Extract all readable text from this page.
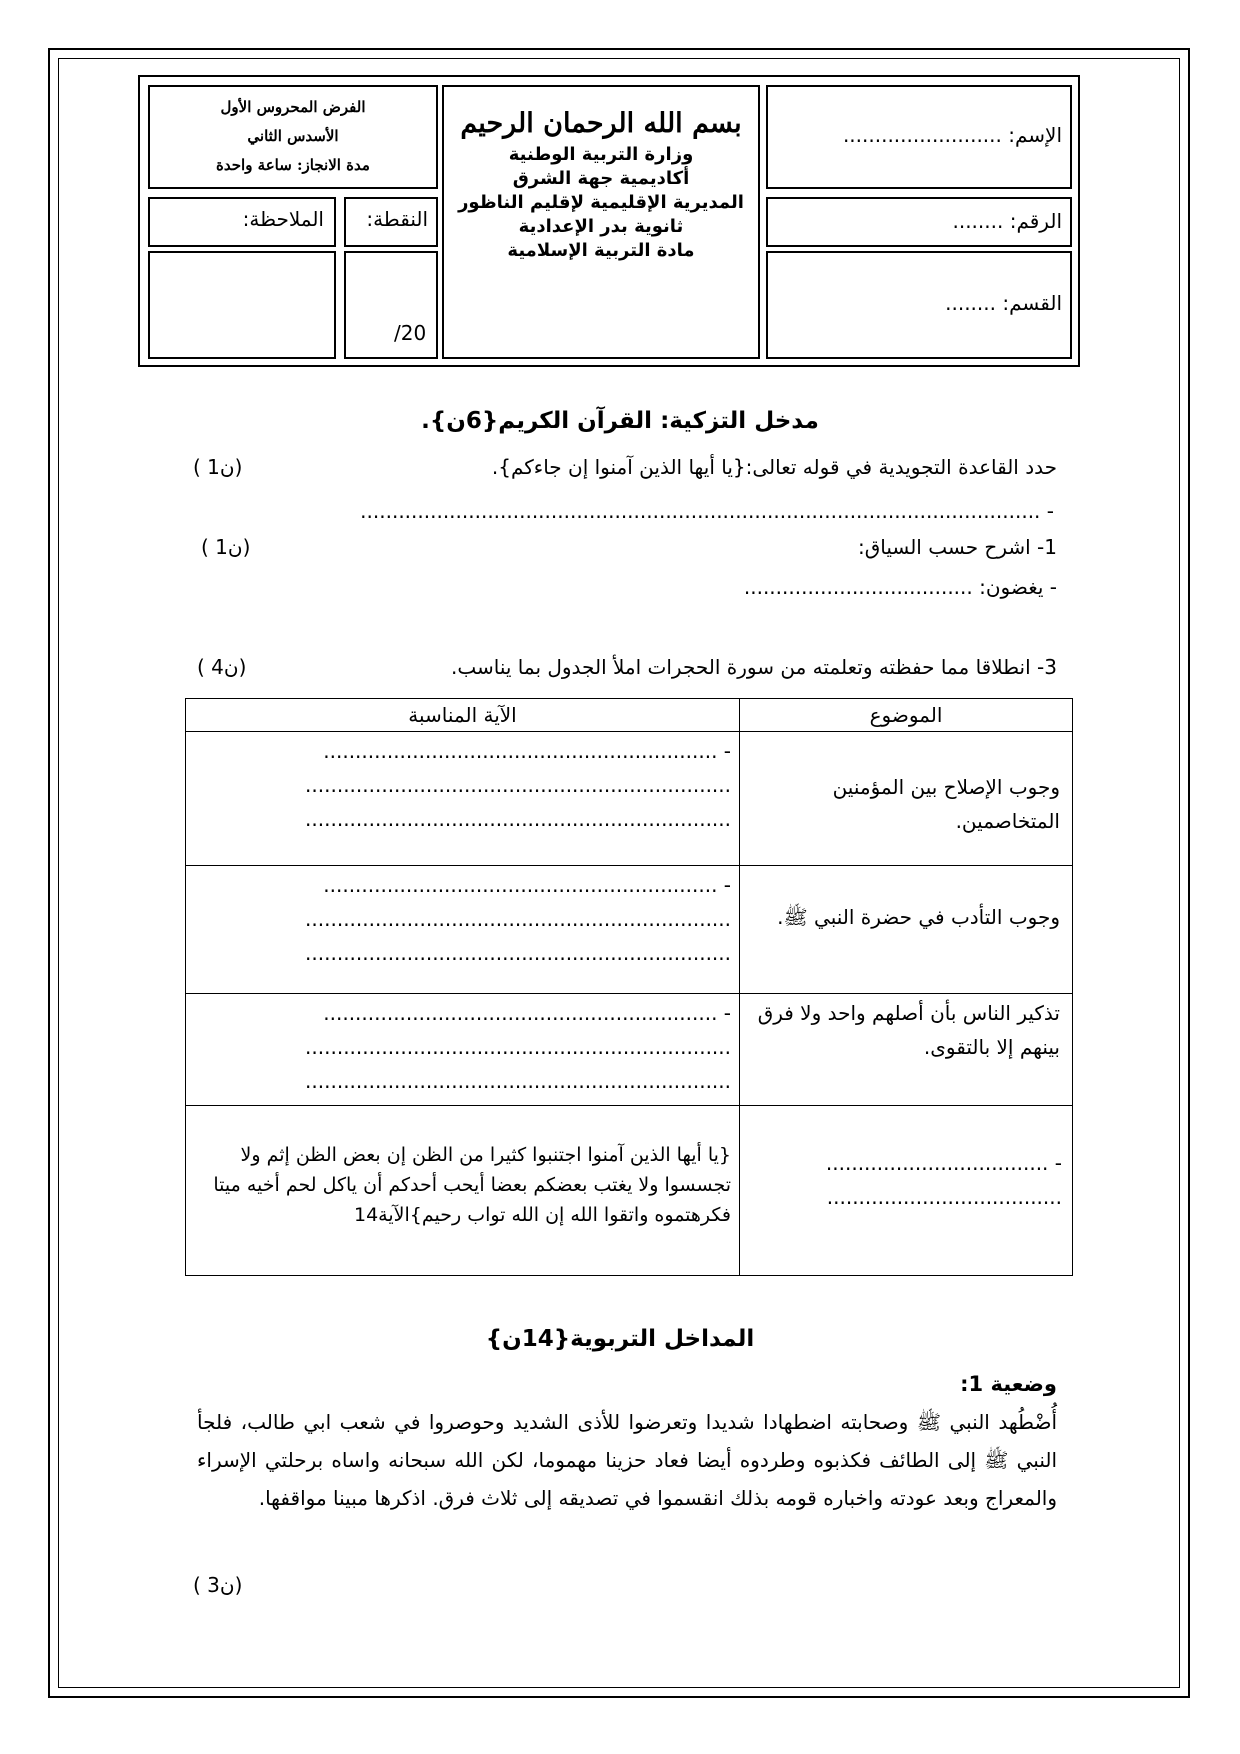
الفرض المحروس الأول
الأسدس الثاني
مدة الانجاز: ساعة واحدة
الملاحظة: النقطة:
/20
بسم الله الرحمان الرحيم
وزارة التربية الوطنية
أكاديمية جهة الشرق
المديرية الإقليمية لإقليم الناظور
ثانوية بدر الإعدادية
مادة التربية الإسلامية
الإسم: .........................
الرقم: ........
القسم: ........
مدخل التزكية: القرآن الكريم{6ن}.
حدد القاعدة التجويدية في قوله تعالى:{يا أيها الذين آمنوا إن جاءكم}.
( 1ن)
- ...........................................................................................................
1- اشرح حسب السياق:
( 1ن)
- يغضون: ....................................
3- انطلاقا مما حفظته وتعلمته من سورة الحجرات املأ الجدول بما يناسب.
( 4ن)
الموضوع	الآية المناسبة
وجوب الإصلاح بين المؤمنين المتخاصمين.	- ..............................................................
...................................................................
...................................................................

وجوب التأدب في حضرة النبي ﷺ.	- ..............................................................
...................................................................
...................................................................

تذكير الناس بأن أصلهم واحد ولا فرق بينهم إلا بالتقوى.	- ..............................................................
...................................................................
...................................................................

- ...................................
.....................................	{يا أيها الذين آمنوا اجتنبوا كثيرا من الظن إن بعض الظن إثم ولا تجسسوا ولا يغتب بعضكم بعضا أيحب أحدكم أن ياكل لحم أخيه ميتا فكرهتموه واتقوا الله إن الله تواب رحيم}الآية14
المداخل التربوية{14ن}
وضعية 1:
أُضْطُهد النبي ﷺ وصحابته اضطهادا شديدا وتعرضوا للأذى الشديد وحوصروا في شعب ابي طالب، فلجأ النبي ﷺ إلى الطائف فكذبوه وطردوه أيضا فعاد حزينا مهموما، لكن الله سبحانه واساه برحلتي الإسراء والمعراج وبعد عودته واخباره قومه بذلك انقسموا في تصديقه إلى ثلاث فرق. اذكرها مبينا مواقفها.
( 3ن)
